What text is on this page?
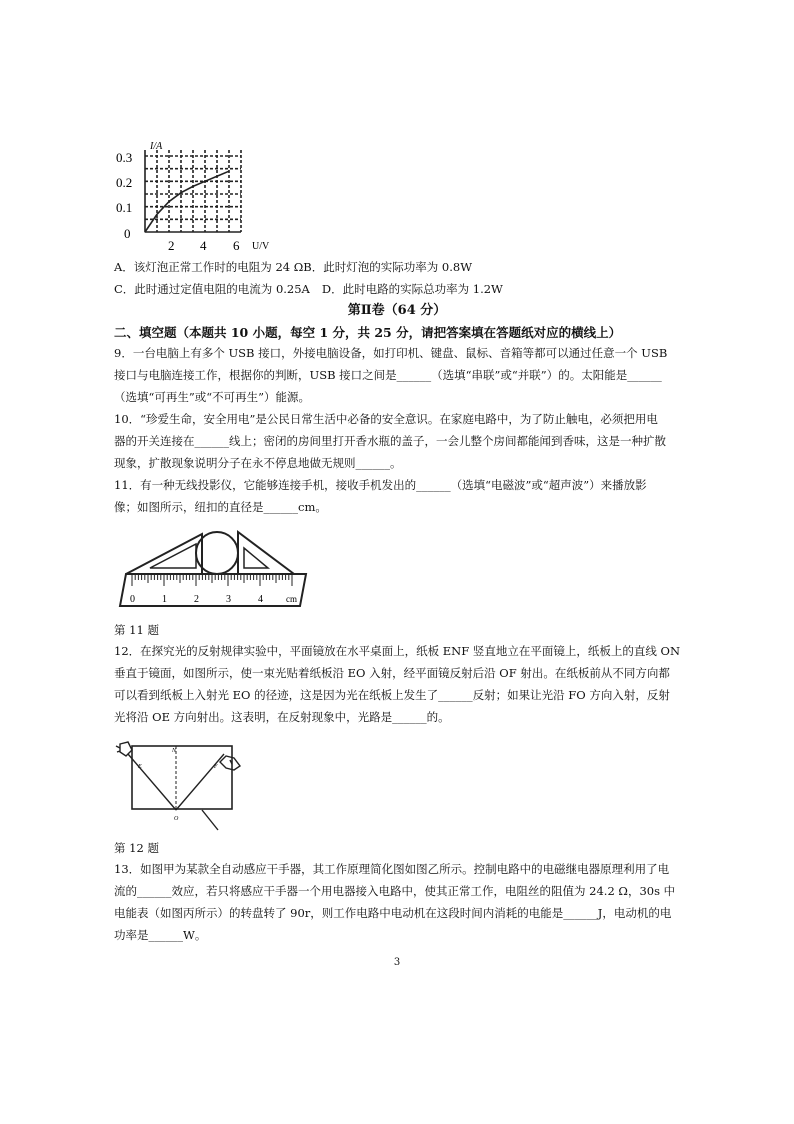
I/A
U/V
0.3
0.2
0.1
0
2 4 6
A．该灯泡正常工作时的电阻为 24 ΩB．此时灯泡的实际功率为 0.8W
C．此时通过定值电阻的电流为 0.25A D．此时电路的实际总功率为 1.2W
第Ⅱ卷（64 分）
二、填空题（本题共 10 小题，每空 1 分，共 25 分，请把答案填在答题纸对应的横线上）
9．一台电脑上有多个 USB 接口，外接电脑设备，如打印机、键盘、鼠标、音箱等都可以通过任意一个 USB
接口与电脑连接工作，根据你的判断，USB 接口之间是______（选填“串联”或“并联”）的。太阳能是______
（选填“可再生”或“不可再生”）能源。
10．“珍爱生命，安全用电”是公民日常生活中必备的安全意识。在家庭电路中，为了防止触电，必须把用电
器的开关连接在______线上；密闭的房间里打开香水瓶的盖子，一会儿整个房间都能闻到香味，这是一种扩散
现象，扩散现象说明分子在永不停息地做无规则______。
11．有一种无线投影仪，它能够连接手机，接收手机发出的______（选填“电磁波”或“超声波”）来播放影
像；如图所示，纽扣的直径是______cm。
0	1	2	3	4	cm
第 11 题
12．在探究光的反射规律实验中，平面镜放在水平桌面上，纸板 ENF 竖直地立在平面镜上，纸板上的直线 ON
垂直于镜面，如图所示，使一束光贴着纸板沿 EO 入射，经平面镜反射后沿 OF 射出。在纸板前从不同方向都
可以看到纸板上入射光 EO 的径迹，这是因为光在纸板上发生了______反射；如果让光沿 FO 方向入射，反射
光将沿 OE 方向射出。这表明，在反射现象中，光路是______的。
N
E	F
O
第 12 题
13．如图甲为某款全自动感应干手器，其工作原理简化图如图乙所示。控制电路中的电磁继电器原理利用了电
流的______效应，若只将感应干手器一个用电器接入电路中，使其正常工作，电阻丝的阻值为 24.2 Ω，30s 中
电能表（如图丙所示）的转盘转了 90r，则工作电路中电动机在这段时间内消耗的电能是______J，电动机的电
功率是______W。
3
